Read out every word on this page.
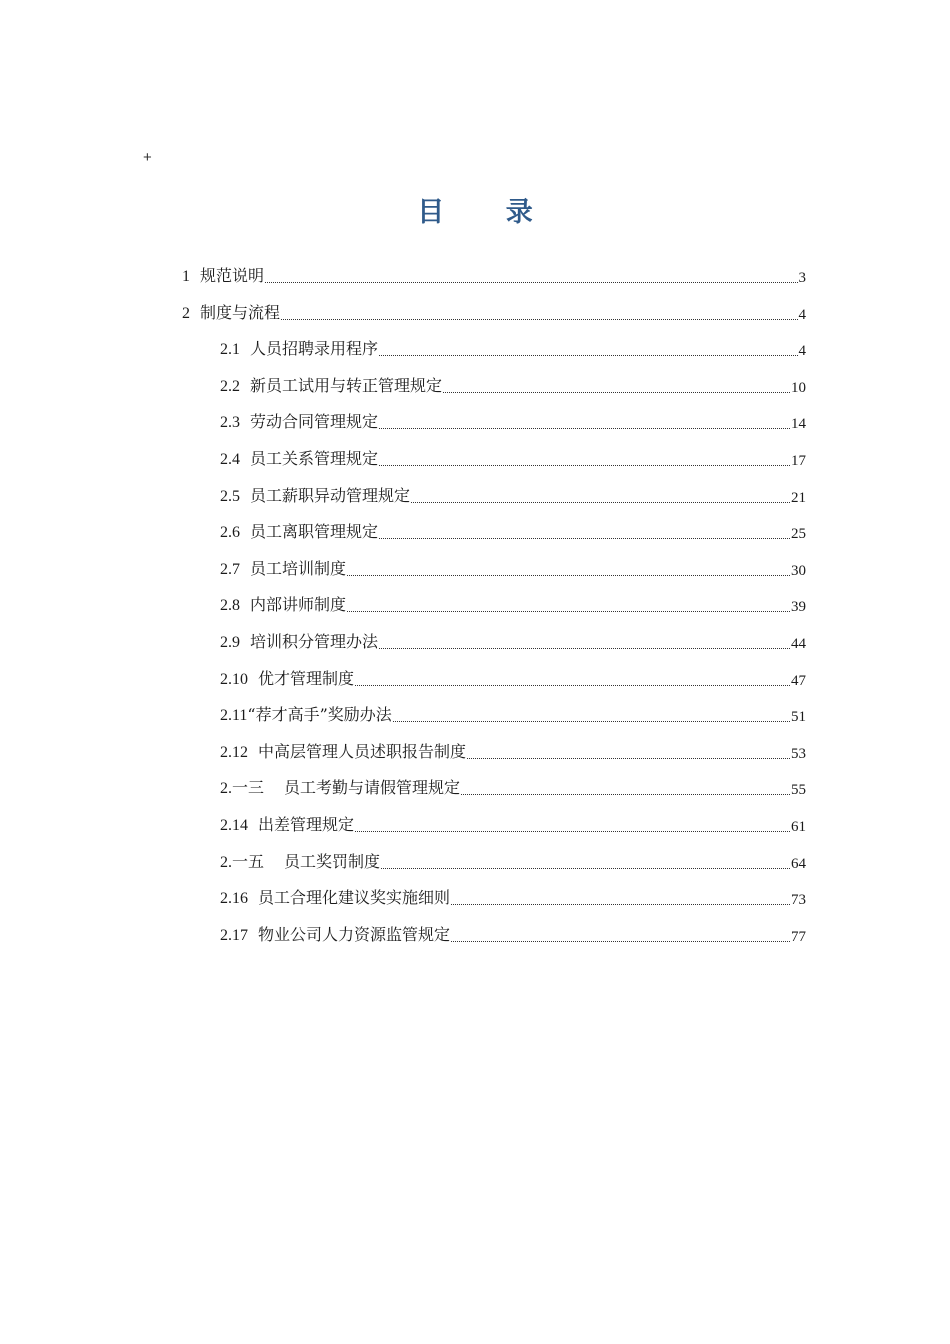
+
目 录
1 规范说明	3
2 制度与流程	4
2.1 人员招聘录用程序	4
2.2 新员工试用与转正管理规定	10
2.3 劳动合同管理规定	14
2.4 员工关系管理规定	17
2.5 员工薪职异动管理规定	21
2.6 员工离职管理规定	25
2.7 员工培训制度	30
2.8 内部讲师制度	39
2.9 培训积分管理办法	44
2.10 优才管理制度	47
2.11“荐才高手”奖励办法	51
2.12 中高层管理人员述职报告制度	53
2.一三 员工考勤与请假管理规定	55
2.14 出差管理规定	61
2.一五 员工奖罚制度	64
2.16 员工合理化建议奖实施细则	73
2.17 物业公司人力资源监管规定	77
